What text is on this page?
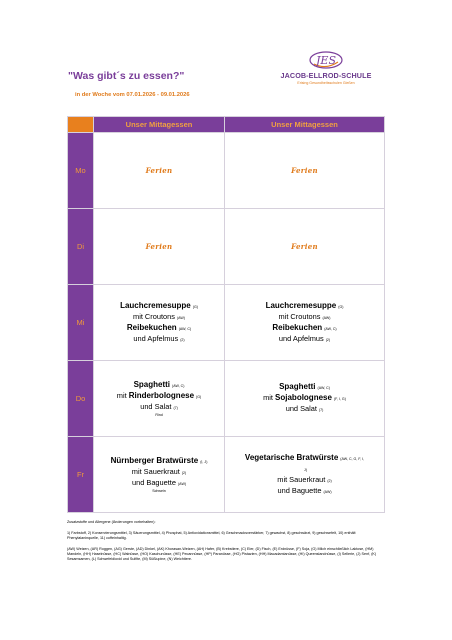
"Was gibt´s zu essen?"
in der Woche vom 07.01.2026 - 09.01.2026
JES
JACOB-ELLROD-SCHULE
Erising Gesundheitsschulen Gießen
	Unser Mittagessen	Unser Mittagessen
Mo	Ferien	Ferien
Di	Ferien	Ferien
Mi	Lauchcremesuppe (G)
mit Croutons (AW)
Reibekuchen (AW, C)
und Apfelmus (2)	Lauchcremesuppe (G)
mit Croutons (AW)
Reibekuchen (AW, C)
und Apfelmus (2)
Do	Spaghetti (AW, C)
mit Rinderbolognese (G)
und Salat (7)
Rind	Spaghetti (AW, C)
mit Sojabolognese (F, I, G)
und Salat (7)
Fr	Nürnberger Bratwürste (I, J)
mit Sauerkraut (2)
und Baguette (AW)
Schwein	Vegetarische Bratwürste (AW, C, G, F, I,
J)
mit Sauerkraut (2)
und Baguette (AW)

Zusatzstoffe und Allergene (Änderungen vorbehalten):

1) Farbstoff, 2) Konservierungsmittel, 3) Säuerungsmittel, 4) Phosphat, 5) Antioxidationsmittel, 6) Geschmacksverstärker, 7) gewachst, 8) geschwärzt, 9) geschwefelt, 10) enthält Phenylalaninquelle, 11) coffeinhaltig.

(AW) Weizen, (AR) Roggen, (AG) Gerste, (AD) Dinkel, (AK) Khorasan-Weizen, (AH) Hafer, (B) Krebstiere, (C) Eier, (D) Fisch, (E) Erdnüsse, (F) Soja, (G) Milch einschließlich Laktose, (HM) Mandeln, (HH) Haselnüsse, (HC) Walnüsse, (HO) Kaschunüsse, (HE) Pecannüsse, (HP) Paranüsse, (HG) Pistazien, (HH) Macadamianüsse, (HI) Queenslandnüsse, (I) Sellerie, (J) Senf, (K) Sesamsamen, (L) Schwefeldioxid und Sulfite, (M) Süßlupine, (N) Weichtiere.
